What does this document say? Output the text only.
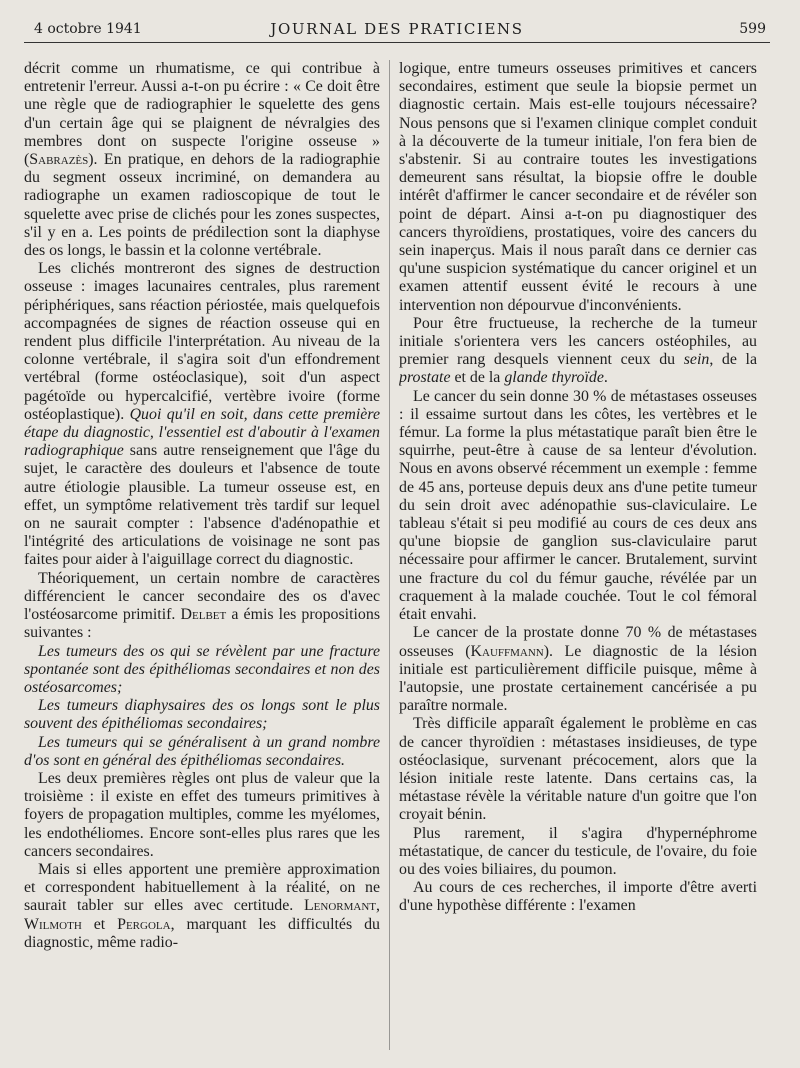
4 octobre 1941	JOURNAL DES PRATICIENS	599

décrit comme un rhumatisme, ce qui contribue à entretenir l'erreur. Aussi a-t-on pu écrire : « Ce doit être une règle que de radiographier le squelette des gens d'un certain âge qui se plaignent de névralgies des membres dont on suspecte l'origine osseuse » (Sabrazès). En pratique, en dehors de la radiographie du segment osseux incriminé, on demandera au radiographe un examen radioscopique de tout le squelette avec prise de clichés pour les zones suspectes, s'il y en a. Les points de prédilection sont la diaphyse des os longs, le bassin et la colonne vertébrale.

Les clichés montreront des signes de destruction osseuse : images lacunaires centrales, plus rarement périphériques, sans réaction périostée, mais quelquefois accompagnées de signes de réaction osseuse qui en rendent plus difficile l'interprétation. Au niveau de la colonne vertébrale, il s'agira soit d'un effondrement vertébral (forme ostéoclasique), soit d'un aspect pagétoïde ou hypercalcifié, vertèbre ivoire (forme ostéoplastique). Quoi qu'il en soit, dans cette première étape du diagnostic, l'essentiel est d'aboutir à l'examen radiographique sans autre renseignement que l'âge du sujet, le caractère des douleurs et l'absence de toute autre étiologie plausible. La tumeur osseuse est, en effet, un symptôme relativement très tardif sur lequel on ne saurait compter : l'absence d'adénopathie et l'intégrité des articulations de voisinage ne sont pas faites pour aider à l'aiguillage correct du diagnostic.

Théoriquement, un certain nombre de caractères différencient le cancer secondaire des os d'avec l'ostéosarcome primitif. Delbet a émis les propositions suivantes :

Les tumeurs des os qui se révèlent par une fracture spontanée sont des épithéliomas secondaires et non des ostéosarcomes;

Les tumeurs diaphysaires des os longs sont le plus souvent des épithéliomas secondaires;

Les tumeurs qui se généralisent à un grand nombre d'os sont en général des épithéliomas secondaires.

Les deux premières règles ont plus de valeur que la troisième : il existe en effet des tumeurs primitives à foyers de propagation multiples, comme les myélomes, les endothéliomes. Encore sont-elles plus rares que les cancers secondaires.

Mais si elles apportent une première approximation et correspondent habituellement à la réalité, on ne saurait tabler sur elles avec certitude. Lenormant, Wilmoth et Pergola, marquant les difficultés du diagnostic, même radio-

logique, entre tumeurs osseuses primitives et cancers secondaires, estiment que seule la biopsie permet un diagnostic certain. Mais est-elle toujours nécessaire? Nous pensons que si l'examen clinique complet conduit à la découverte de la tumeur initiale, l'on fera bien de s'abstenir. Si au contraire toutes les investigations demeurent sans résultat, la biopsie offre le double intérêt d'affirmer le cancer secondaire et de révéler son point de départ. Ainsi a-t-on pu diagnostiquer des cancers thyroïdiens, prostatiques, voire des cancers du sein inaperçus. Mais il nous paraît dans ce dernier cas qu'une suspicion systématique du cancer originel et un examen attentif eussent évité le recours à une intervention non dépourvue d'inconvénients.

Pour être fructueuse, la recherche de la tumeur initiale s'orientera vers les cancers ostéophiles, au premier rang desquels viennent ceux du sein, de la prostate et de la glande thyroïde.

Le cancer du sein donne 30 % de métastases osseuses : il essaime surtout dans les côtes, les vertèbres et le fémur. La forme la plus métastatique paraît bien être le squirrhe, peut-être à cause de sa lenteur d'évolution. Nous en avons observé récemment un exemple : femme de 45 ans, porteuse depuis deux ans d'une petite tumeur du sein droit avec adénopathie sus-claviculaire. Le tableau s'était si peu modifié au cours de ces deux ans qu'une biopsie de ganglion sus-claviculaire parut nécessaire pour affirmer le cancer. Brutalement, survint une fracture du col du fémur gauche, révélée par un craquement à la malade couchée. Tout le col fémoral était envahi.

Le cancer de la prostate donne 70 % de métastases osseuses (Kauffmann). Le diagnostic de la lésion initiale est particulièrement difficile puisque, même à l'autopsie, une prostate certainement cancérisée a pu paraître normale.

Très difficile apparaît également le problème en cas de cancer thyroïdien : métastases insidieuses, de type ostéoclasique, survenant précocement, alors que la lésion initiale reste latente. Dans certains cas, la métastase révèle la véritable nature d'un goitre que l'on croyait bénin.

Plus rarement, il s'agira d'hypernéphrome métastatique, de cancer du testicule, de l'ovaire, du foie ou des voies biliaires, du poumon.

Au cours de ces recherches, il importe d'être averti d'une hypothèse différente : l'examen
